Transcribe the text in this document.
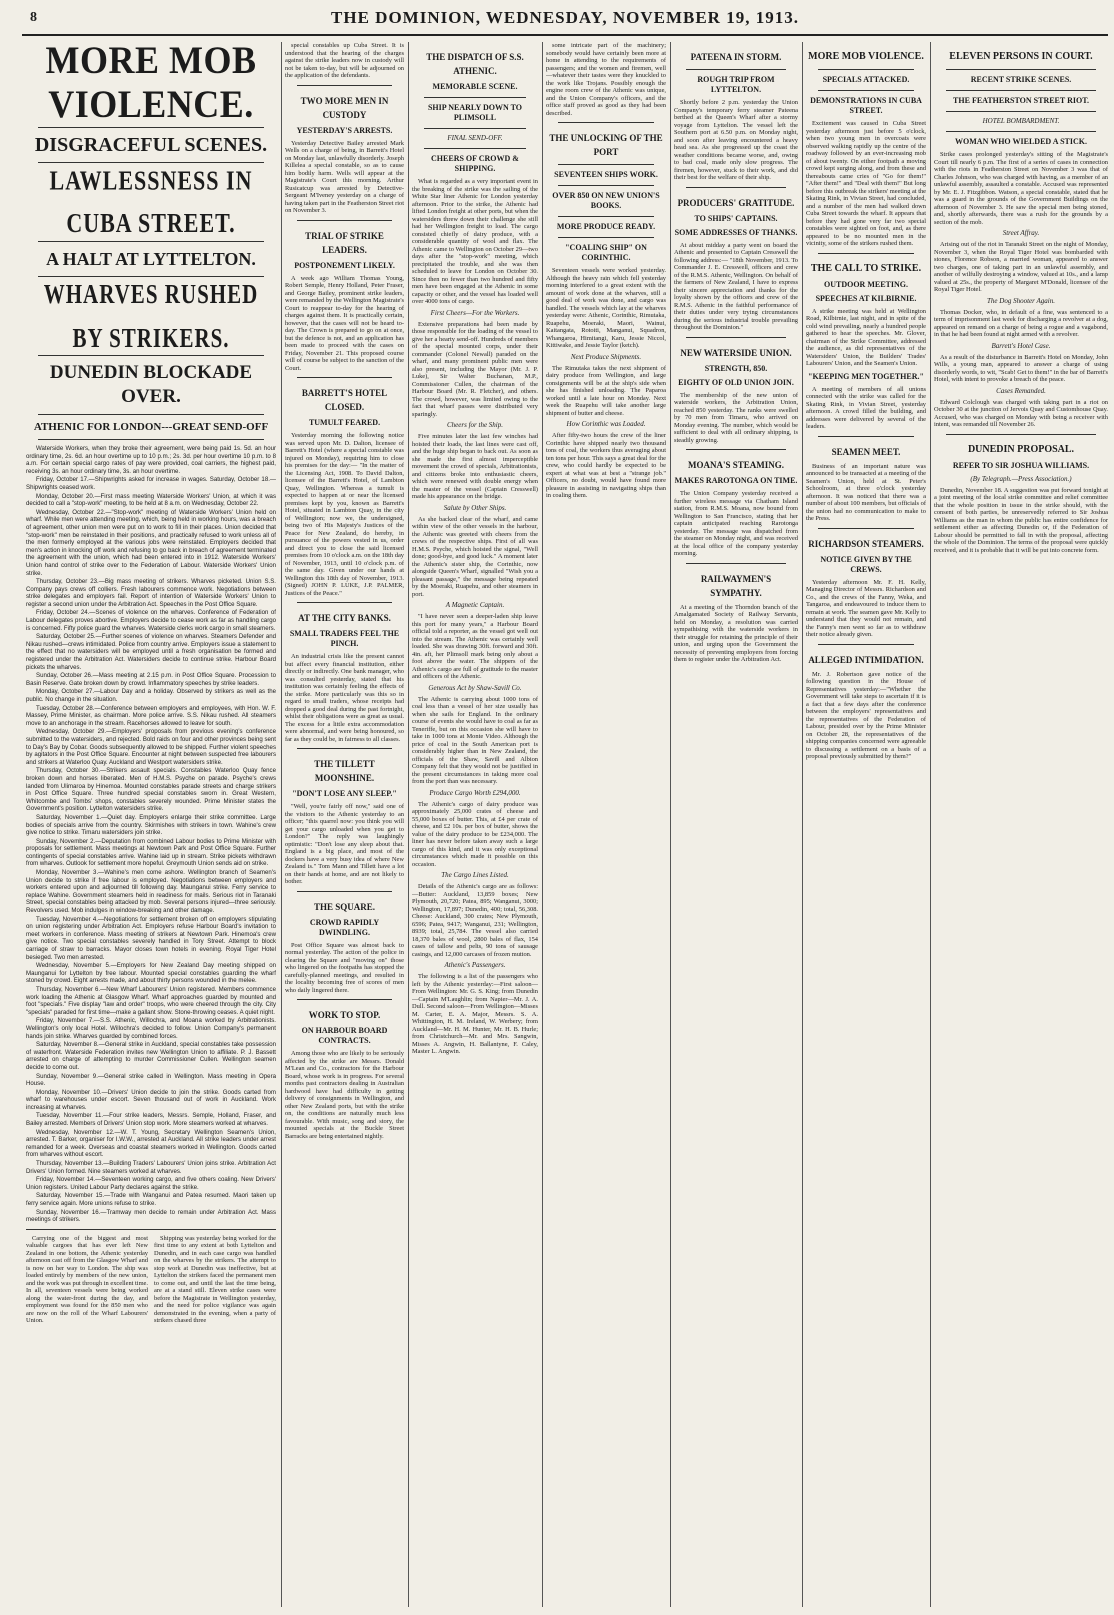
8	THE DOMINION, WEDNESDAY, NOVEMBER 19, 1913.
MORE MOB VIOLENCE.
DISGRACEFUL SCENES.
LAWLESSNESS IN CUBA STREET.
A HALT AT LYTTELTON.
WHARVES RUSHED BY STRIKERS.
DUNEDIN BLOCKADE OVER.
ATHENIC FOR LONDON---GREAT SEND-OFF

Waterside Workers, when they broke their agreement, were being paid 1s. 5d. an hour ordinary time, 2s. 6d. an hour overtime up to 10 p.m.; 2s. 3d. per hour overtime 10 p.m. to 8 a.m. For certain special cargo rates of pay were provided, coal carriers, the highest paid, receiving 3s. an hour ordinary time, 3s. an hour overtime.

Friday, October 17.—Shipwrights asked for increase in wages. Saturday, October 18.—Shipwrights ceased work.

Monday, October 20.—First mass meeting Waterside Workers' Union, at which it was decided to call a "stop-work" meeting, to be held at 8 a.m. on Wednesday, October 22.

Wednesday, October 22.—"Stop-work" meeting of Waterside Workers' Union held on wharf. While men were attending meeting, which, being held in working hours, was a breach of agreement, other union men were put on to work to fill in their places. Union decided that "stop-work" men be reinstated in their positions, and practically refused to work unless all of the men formerly employed at the various jobs were reinstated. Employers decided that men's action in knocking off work and refusing to go back in breach of agreement terminated the agreement with the union, which had been entered into in 1912. Waterside Workers' Union hand control of strike over to the Federation of Labour. Waterside Workers' Union strike.

Thursday, October 23.—Big mass meeting of strikers. Wharves picketed. Union S.S. Company pays crews off colliers. Fresh labourers commence work. Negotiations between strike delegates and employers fail. Report of intention of Waterside Workers' Union to register a second union under the Arbitration Act. Speeches in the Post Office Square.

Friday, October 24.—Scenes of violence on the wharves. Conference of Federation of Labour delegates proves abortive. Employers decide to cease work as far as handling cargo is concerned. Fifty police guard the wharves. Waterside clerks work cargo in small steamers.

Saturday, October 25.—Further scenes of violence on wharves. Steamers Defender and Nikau rushed—crews intimidated. Police from country arrive. Employers issue a statement to the effect that no watersiders will be employed until a fresh organisation be formed and registered under the Arbitration Act. Watersiders decide to continue strike. Harbour Board pickets the wharves.

Sunday, October 26.—Mass meeting at 2.15 p.m. in Post Office Square. Procession to Basin Reserve. Gate broken down by crowd. Inflammatory speeches by strike leaders.

Monday, October 27.—Labour Day and a holiday. Observed by strikers as well as the public. No change in the situation.

Tuesday, October 28.—Conference between employers and employees, with Hon. W. F. Massey, Prime Minister, as chairman. More police arrive. S.S. Nikau rushed. All steamers move to an anchorage in the stream. Racehorses allowed to leave for south.

Wednesday, October 29.—Employers' proposals from previous evening's conference submitted to the watersiders, and rejected. Bold raids on four and other provinces being sent to Day's Bay by Cobar. Goods subsequently allowed to be shipped. Further violent speeches by agitators in the Post Office Square. Encounter at night between suspected free labourers and strikers at Waterloo Quay. Auckland and Westport watersiders strike.

Thursday, October 30.—Strikers assault specials. Constables Waterloo Quay fence broken down and horses liberated. Men of H.M.S. Psyche on parade. Psyche's crews landed from Ulimaroa by Hinemoa. Mounted constables parade streets and charge strikers in Post Office Square. Three hundred special constables sworn in. Great Western, Whitcombe and Tombs' shops, constables severely wounded. Prime Minister states the Government's position. Lyttelton watersiders strike.

Saturday, November 1.—Quiet day. Employers enlarge their strike committee. Large bodies of specials arrive from the country. Skirmishes with strikers in town. Wahine's crew give notice to strike. Timaru watersiders join strike.

Sunday, November 2.—Deputation from combined Labour bodies to Prime Minister with proposals for settlement. Mass meetings at Newtown Park and Post Office Square. Further contingents of special constables arrive. Wahine laid up in stream. Strike pickets withdrawn from wharves. Outlook for settlement more hopeful. Greymouth Union sends aid on strike.

Monday, November 3.—Wahine's men come ashore. Wellington branch of Seamen's Union decide to strike if free labour is employed. Negotiations between employers and workers entered upon and adjourned till following day. Maunganui strike. Ferry service to replace Wahine. Government steamers held in readiness for mails. Serious riot in Taranaki Street, special constables being attacked by mob. Several persons injured—three seriously. Revolvers used. Mob indulges in window-breaking and other damage.

Tuesday, November 4.—Negotiations for settlement broken off on employers stipulating on union registering under Arbitration Act. Employers refuse Harbour Board's invitation to meet workers in conference. Mass meeting of strikers at Newtown Park. Hinemoa's crew give notice. Two special constables severely handled in Tory Street. Attempt to block carriage of straw to barracks. Mayor closes town hotels in evening. Royal Tiger Hotel besieged. Two men arrested.

Wednesday, November 5.—Employers for New Zealand Day meeting shipped on Maunganui for Lyttelton by free labour. Mounted special constables guarding the wharf stoned by crowd. Eight arrests made, and about thirty persons wounded in the melee.

Thursday, November 6.—New Wharf Labourers' Union registered. Members commence work loading the Athenic at Glasgow Wharf. Wharf approaches guarded by mounted and foot "specials." Five display "law and order" troops, who were cheered through the city. City "specials" paraded for first time—make a gallant show. Stone-throwing ceases. A quiet night.

Friday, November 7.—S.S. Athenic, Willochra, and Moana worked by Arbitrationists. Wellington's only local Hotel. Willochra's decided to follow. Union Company's permanent hands join strike. Wharves guarded by combined forces.

Saturday, November 8.—General strike in Auckland, special constables take possession of waterfront. Waterside Federation invites new Wellington Union to affiliate. P. J. Bassett arrested on charge of attempting to murder Commissioner Cullen. Wellington seamen decide to come out.

Sunday, November 9.—General strike called in Wellington. Mass meeting in Opera House.

Monday, November 10.—Drivers' Union decide to join the strike. Goods carted from wharf to warehouses under escort. Seven thousand out of work in Auckland. Work increasing at wharves.

Tuesday, November 11.—Four strike leaders, Messrs. Semple, Holland, Fraser, and Bailey arrested. Members of Drivers' Union stop work. More steamers worked at wharves.

Wednesday, November 12.—W. T. Young, Secretary Wellington Seamen's Union, arrested. T. Barker, organiser for I.W.W., arrested at Auckland. All strike leaders under arrest remanded for a week. Overseas and coastal steamers worked in Wellington. Goods carted from wharves without escort.

Thursday, November 13.—Building Traders' Labourers' Union joins strike. Arbitration Act Drivers' Union formed. Nine steamers worked at wharves.

Friday, November 14.—Seventeen working cargo, and five others coaling. New Drivers' Union registers. United Labour Party declares against the strike.

Saturday, November 15.—Trade with Wanganui and Patea resumed. Maori taken up ferry service again. More unions refuse to strike.

Sunday, November 16.—Tramway men decide to remain under Arbitration Act. Mass meetings of strikers.

Carrying one of the biggest and most valuable cargoes that has ever left New Zealand in one bottom, the Athenic yesterday afternoon cast off from the Glasgow Wharf and is now on her way to London. The ship was loaded entirely by members of the new union, and the work was put through in excellent time. In all, seventeen vessels were being worked along the water-front during the day, and employment was found for the 850 men who are now on the roll of the Wharf Labourers' Union.

Shipping was yesterday being worked for the first time to any extent at both Lyttelton and Dunedin, and in each case cargo was handled on the wharves by the strikers. The attempt to stop work at Dunedin was ineffective, but at Lyttelton the strikers faced the permanent men to come out, and until the last the time being, are at a stand still. Eleven strike cases were before the Magistrate in Wellington yesterday, and the need for police vigilance was again demonstrated in the evening, when a party of strikers chased three

special constables up Cuba Street. It is understood that the hearing of the charges against the strike leaders now in custody will not be taken to-day, but will be adjourned on the application of the defendants.

TWO MORE MEN IN CUSTODY
YESTERDAY'S ARRESTS.

Yesterday Detective Bailey arrested Mark Wells on a charge of being, in Barrett's Hotel on Monday last, unlawfully disorderly. Joseph Killelea a special constable, so as to cause him bodily harm. Wells will appear at the Magistrate's Court this morning. Arthur Rusicatcup was arrested by Detective-Sergeant M'Iveney yesterday on a charge of having taken part in the Featherston Street riot on November 3.

TRIAL OF STRIKE LEADERS.
POSTPONEMENT LIKELY.

A week ago William Thomas Young, Robert Semple, Henry Holland, Peter Fraser, and George Bailey, prominent strike leaders, were remanded by the Wellington Magistrate's Court to reappear to-day for the hearing of charges against them. It is practically certain, however, that the cases will not be heard to-day. The Crown is prepared to go on at once, but the defence is not, and an application has been made to proceed with the cases on Friday, November 21. This proposed course will of course be subject to the sanction of the Court.

BARRETT'S HOTEL CLOSED.
TUMULT FEARED.

Yesterday morning the following notice was served upon Mr. D. Dalton, licensee of Barrett's Hotel (where a special constable was injured on Monday), requiring him to close his premises for the day:— "In the matter of the Licensing Act, 1908. To David Dalton, licensee of the Barrett's Hotel, of Lambton Quay, Wellington. Whereas a tumult is expected to happen at or near the licensed premises kept by you, known as Barrett's Hotel, situated in Lambton Quay, in the city of Wellington; now we, the undersigned, being two of His Majesty's Justices of the Peace for New Zealand, do hereby, in pursuance of the powers vested in us, order and direct you to close the said licensed premises from 10 o'clock a.m. on the 18th day of November, 1913, until 10 o'clock p.m. of the same day. Given under our hands at Wellington this 18th day of November, 1913. (Signed) JOHN P. LUKE, J.P. PALMER, Justices of the Peace."

AT THE CITY BANKS.
SMALL TRADERS FEEL THE PINCH.

An industrial crisis like the present cannot but affect every financial institution, either directly or indirectly. One bank manager, who was consulted yesterday, stated that his institution was certainly feeling the effects of the strike. More particularly was this so in regard to small traders, whose receipts had dropped a good deal during the past fortnight, whilst their obligations were as great as usual. The excess for a little extra accommodation were abnormal, and were being honoured, so far as they could be, in fairness to all classes.

THE TILLETT MOONSHINE.
"DON'T LOSE ANY SLEEP."

"Well, you're fairly off now," said one of the visitors to the Athenic yesterday to an officer; "this quarrel now: you think you will get your cargo unloaded when you get to London?" The reply was laughingly optimistic: "Don't lose any sleep about that. England is a big place, and most of the dockers have a very busy idea of where New Zealand is." Tom Mann and Tillett have a lot on their hands at home, and are not likely to bother.

THE SQUARE.
CROWD RAPIDLY DWINDLING.

Post Office Square was almost back to normal yesterday. The action of the police in clearing the Square and "moving on" those who lingered on the footpaths has stopped the carefully-planned meetings, and resulted in the locality becoming free of scores of men who daily lingered there.

WORK TO STOP.
ON HARBOUR BOARD CONTRACTS.

Among those who are likely to be seriously affected by the strike are Messrs. Donald M'Lean and Co., contractors for the Harbour Board, whose work is in progress. For several months past contractors dealing in Australian hardwood have had difficulty in getting delivery of consignments in Wellington, and other New Zealand ports, but with the strike on, the conditions are naturally much less favourable. With music, song and story, the mounted specials at the Buckle Street Barracks are being entertained nightly.

THE DISPATCH OF S.S. ATHENIC.
MEMORABLE SCENE.
SHIP NEARLY DOWN TO PLIMSOLL
FINAL SEND-OFF.
CHEERS OF CROWD & SHIPPING.

What is regarded as a very important event in the breaking of the strike was the sailing of the White Star liner Athenic for London yesterday afternoon. Prior to the strike, the Athenic had lifted London freight at other ports, but when the watersiders threw down their challenge she still had her Wellington freight to load. The cargo consisted chiefly of dairy produce, with a considerable quantity of wool and flax. The Athenic came to Wellington on October 29—two days after the "stop-work" meeting, which precipitated the trouble, and she was then scheduled to leave for London on October 30. Since then no fewer than two hundred and fifty men have been engaged at the Athenic in some capacity or other, and the vessel has loaded well over 4000 tons of cargo.

First Cheers—For the Workers.

Extensive preparations had been made by those responsible for the loading of the vessel to give her a hearty send-off. Hundreds of members of the special mounted corps, under their commander (Colonel Newall) paraded on the wharf, and many prominent public men were also present, including the Mayor (Mr. J. P. Luke), Sir Walter Buchanan, M.P., Commissioner Cullen, the chairman of the Harbour Board (Mr. R. Fletcher), and others. The crowd, however, was limited owing to the fact that wharf passes were distributed very sparingly.

Cheers for the Ship.

Five minutes later the last few winches had hoisted their loads, the last lines were cast off, and the huge ship began to back out. As soon as she made the first almost imperceptible movement the crowd of specials, Arbitrationists, and citizens broke into enthusiastic cheers, which were renewed with double energy when the master of the vessel (Captain Cresswell) made his appearance on the bridge.

Salute by Other Ships.

As she backed clear of the wharf, and came within view of the other vessels in the harbour, the Athenic was greeted with cheers from the crews of the respective ships. First of all was H.M.S. Psyche, which hoisted the signal, "Well done; good-bye, and good luck." A moment later the Athenic's sister ship, the Corinthic, now alongside Queen's Wharf, signalled "Wish you a pleasant passage," the message being repeated by the Moeraki, Ruapehu, and other steamers in port.

A Magnetic Captain.

"I have never seen a deeper-laden ship leave this port for many years," a Harbour Board official told a reporter, as the vessel got well out into the stream. The Athenic was certainly well loaded. She was drawing 30ft. forward and 30ft. 4in. aft, her Plimsoll mark being only about a foot above the water. The shippers of the Athenic's cargo are full of gratitude to the master and officers of the Athenic.

Generous Act by Shaw-Savill Co.

The Athenic is carrying about 1000 tons of coal less than a vessel of her size usually has when she sails for England. In the ordinary course of events she would have to coal as far as Teneriffe, but on this occasion she will have to take in 1000 tons at Monte Video. Although the price of coal in the South American port is considerably higher than in New Zealand, the officials of the Shaw, Savill and Albion Company felt that they would not be justified in the present circumstances in taking more coal from the port than was necessary.

Produce Cargo Worth £294,000.

The Athenic's cargo of dairy produce was approximately 25,000 crates of cheese and 55,000 boxes of butter. This, at £4 per crate of cheese, and £2 10s. per box of butter, shows the value of the dairy produce to be £234,000. The liner has never before taken away such a large cargo of this kind, and it was only exceptional circumstances which made it possible on this occasion.

The Cargo Lines Listed.

Details of the Athenic's cargo are as follows:—Butter: Auckland, 13,859 boxes; New Plymouth, 20,720; Patea, 895; Wanganui, 3000; Wellington, 17,897; Dunedin, 400; total, 56,308. Cheese: Auckland, 300 crates; New Plymouth, 6596; Patea, 9417; Wanganui, 231; Wellington, 8939; total, 25,784. The vessel also carried 18,370 bales of wool, 2800 bales of flax, 154 cases of tallow and pelts, 90 tons of sausage casings, and 12,000 carcases of frozen mutton.

Athenic's Passengers.

The following is a list of the passengers who left by the Athenic yesterday:—First saloon—From Wellington: Mr. G. S. King; from Dunedin—Captain M'Laughlin; from Napier—Mr. J. A. Dull. Second saloon—From Wellington—Misses M. Carter, E. A. Major, Messrs. S. A. Whittington, H. M. Ireland, W. Werbery; from Auckland—Mr. H. M. Hunter, Mr. H. B. Hurle; from Christchurch—Mr. and Mrs. Sangwin, Misses A. Angwin, H. Ballantyne, F. Caley, Master L. Angwin.

some intricate part of the machinery; somebody would have certainly been more at home in attending to the requirements of passengers; and the women and firemen, well—whatever their tastes were they knuckled to the work like Trojans. Possibly enough the engine room crew of the Athenic was unique, and the Union Company's officers, and the office staff proved as good as they had been described.

THE UNLOCKING OF THE PORT
SEVENTEEN SHIPS WORK.
OVER 850 ON NEW UNION'S BOOKS.
MORE PRODUCE READY.
"COALING SHIP" ON CORINTHIC.

Seventeen vessels were worked yesterday. Although the heavy rain which fell yesterday morning interfered to a great extent with the amount of work done at the wharves, still a good deal of work was done, and cargo was handled. The vessels which lay at the wharves yesterday were: Athenic, Corinthic, Rimutaka, Ruapehu, Moeraki, Maori, Wainui, Kaitangata, Rotoiti, Manganui, Squadron, Whangaroa, Himitangi, Karu, Jessie Niccol, Kittiwake, and Jessie Taylor (ketch).

Next Produce Shipments.

The Rimutaka takes the next shipment of dairy produce from Wellington, and large consignments will be at the ship's side when she has finished unloading. The Paparoa worked until a late hour on Monday. Next week the Ruapehu will take another large shipment of butter and cheese.

How Corinthic was Loaded.

After fifty-two hours the crew of the liner Corinthic have shipped nearly two thousand tons of coal, the workers thus averaging about ten tons per hour. This says a great deal for the crew, who could hardly be expected to be expert at what was at best a "strange job." Officers, no doubt, would have found more pleasure in assisting in navigating ships than in coaling them.

PATEENA IN STORM.
ROUGH TRIP FROM LYTTELTON.

Shortly before 2 p.m. yesterday the Union Company's temporary ferry steamer Pateena berthed at the Queen's Wharf after a stormy voyage from Lyttelton. The vessel left the Southern port at 6.50 p.m. on Monday night, and soon after leaving encountered a heavy head sea. As she progressed up the coast the weather conditions became worse, and, owing to bad coal, made only slow progress. The firemen, however, stuck to their work, and did their best for the welfare of their ship.

PRODUCERS' GRATITUDE.
TO SHIPS' CAPTAINS.
SOME ADDRESSES OF THANKS.

At about midday a party went on board the Athenic and presented to Captain Cresswell the following address:— "18th November, 1913. To Commander J. E. Cresswell, officers and crew of the R.M.S. Athenic, Wellington. On behalf of the farmers of New Zealand, I have to express their sincere appreciation and thanks for the loyalty shown by the officers and crew of the R.M.S. Athenic in the faithful performance of their duties under very trying circumstances during the serious industrial trouble prevailing throughout the Dominion."

NEW WATERSIDE UNION.
STRENGTH, 850.
EIGHTY OF OLD UNION JOIN.

The membership of the new union of waterside workers, the Arbitration Union, reached 850 yesterday. The ranks were swelled by 70 men from Timaru, who arrived on Monday evening. The number, which would be sufficient to deal with all ordinary shipping, is steadily growing.

MOANA'S STEAMING.
MAKES RAROTONGA ON TIME.

The Union Company yesterday received a further wireless message via Chatham Island station, from R.M.S. Moana, now bound from Wellington to San Francisco, stating that her captain anticipated reaching Rarotonga yesterday. The message was dispatched from the steamer on Monday night, and was received at the local office of the company yesterday morning.

RAILWAYMEN'S SYMPATHY.

At a meeting of the Thorndon branch of the Amalgamated Society of Railway Servants, held on Monday, a resolution was carried sympathising with the waterside workers in their struggle for retaining the principle of their union, and urging upon the Government the necessity of preventing employers from forcing them to register under the Arbitration Act.

MORE MOB VIOLENCE.
SPECIALS ATTACKED.
DEMONSTRATIONS IN CUBA STREET.

Excitement was caused in Cuba Street yesterday afternoon just before 5 o'clock, when two young men in overcoats were observed walking rapidly up the centre of the roadway followed by an ever-increasing mob of about twenty. On either footpath a moving crowd kept surging along, and from these and thereabouts came cries of "Go for them!" "After them!" and "Deal with them!" But long before this outbreak the strikers' meeting at the Skating Rink, in Vivian Street, had concluded, and a number of the men had walked down Cuba Street towards the wharf. It appears that before they had gone very far two special constables were sighted on foot, and, as there appeared to be no mounted men in the vicinity, some of the strikers rushed them.

THE CALL TO STRIKE.
OUTDOOR MEETING.
SPEECHES AT KILBIRNIE.

A strike meeting was held at Wellington Road, Kilbirnie, last night, and in spite of the cold wind prevailing, nearly a hundred people gathered to hear the speeches. Mr. Glover, chairman of the Strike Committee, addressed the audience, as did representatives of the Watersiders' Union, the Builders' Trades' Labourers' Union, and the Seamen's Union.

"KEEPING MEN TOGETHER."

A meeting of members of all unions connected with the strike was called for the Skating Rink, in Vivian Street, yesterday afternoon. A crowd filled the building, and addresses were delivered by several of the leaders.

SEAMEN MEET.

Business of an important nature was announced to be transacted at a meeting of the Seamen's Union, held at St. Peter's Schoolroom, at three o'clock yesterday afternoon. It was noticed that there was a number of about 100 members, but officials of the union had no communication to make to the Press.

RICHARDSON STEAMERS.
NOTICE GIVEN BY THE CREWS.

Yesterday afternoon Mr. F. H. Kelly, Managing Director of Messrs. Richardson and Co., and the crews of the Fanny, Weka, and Tangaroa, and endeavoured to induce them to remain at work. The seamen gave Mr. Kelly to understand that they would not remain, and the Fanny's men went so far as to withdraw their notice already given.

ALLEGED INTIMIDATION.

Mr. J. Robertson gave notice of the following question in the House of Representatives yesterday:—"Whether the Government will take steps to ascertain if it is a fact that a few days after the conference between the employers' representatives and the representatives of the Federation of Labour, presided over by the Prime Minister on October 28, the representatives of the shipping companies concerned were agreeable to discussing a settlement on a basis of a proposal previously submitted by them?"

ELEVEN PERSONS IN COURT.
RECENT STRIKE SCENES.
THE FEATHERSTON STREET RIOT.
HOTEL BOMBARDMENT.
WOMAN WHO WIELDED A STICK.

Strike cases prolonged yesterday's sitting of the Magistrate's Court till nearly 6 p.m. The first of a series of cases in connection with the riots in Featherston Street on November 3 was that of Charles Johnson, who was charged with having, as a member of an unlawful assembly, assaulted a constable. Accused was represented by Mr. E. J. Fitzgibbon. Watson, a special constable, stated that he was a guard in the grounds of the Government Buildings on the afternoon of November 3. He saw the special men being stoned, and, shortly afterwards, there was a rush for the grounds by a section of the mob.

Street Affray.

Arising out of the riot in Taranaki Street on the night of Monday, November 3, when the Royal Tiger Hotel was bombarded with stones, Florence Robson, a married woman, appeared to answer two charges, one of taking part in an unlawful assembly, and another of wilfully destroying a window, valued at 10s., and a lamp valued at 25s., the property of Margaret M'Donald, licensee of the Royal Tiger Hotel.

The Dog Shooter Again.

Thomas Docker, who, in default of a fine, was sentenced to a term of imprisonment last week for discharging a revolver at a dog, appeared on remand on a charge of being a rogue and a vagabond, in that he had been found at night armed with a revolver.

Barrett's Hotel Case.

As a result of the disturbance in Barrett's Hotel on Monday, John Wills, a young man, appeared to answer a charge of using disorderly words, to wit, "Scab! Get to them!" in the bar of Barrett's Hotel, with intent to provoke a breach of the peace.

Cases Remanded.

Edward Colclough was charged with taking part in a riot on October 30 at the junction of Jervois Quay and Customhouse Quay. Accused, who was charged on Monday with being a receiver with intent, was remanded till November 26.

DUNEDIN PROPOSAL.
REFER TO SIR JOSHUA WILLIAMS.
(By Telegraph.—Press Association.)

Dunedin, November 18. A suggestion was put forward tonight at a joint meeting of the local strike committee and relief committee that the whole position in issue in the strike should, with the consent of both parties, be unreservedly referred to Sir Joshua Williams as the man in whom the public has entire confidence for settlement either as affecting Dunedin or, if the Federation of Labour should be permitted to fall in with the proposal, affecting the whole of the Dominion. The terms of the proposal were quickly received, and it is probable that it will be put into concrete form.
